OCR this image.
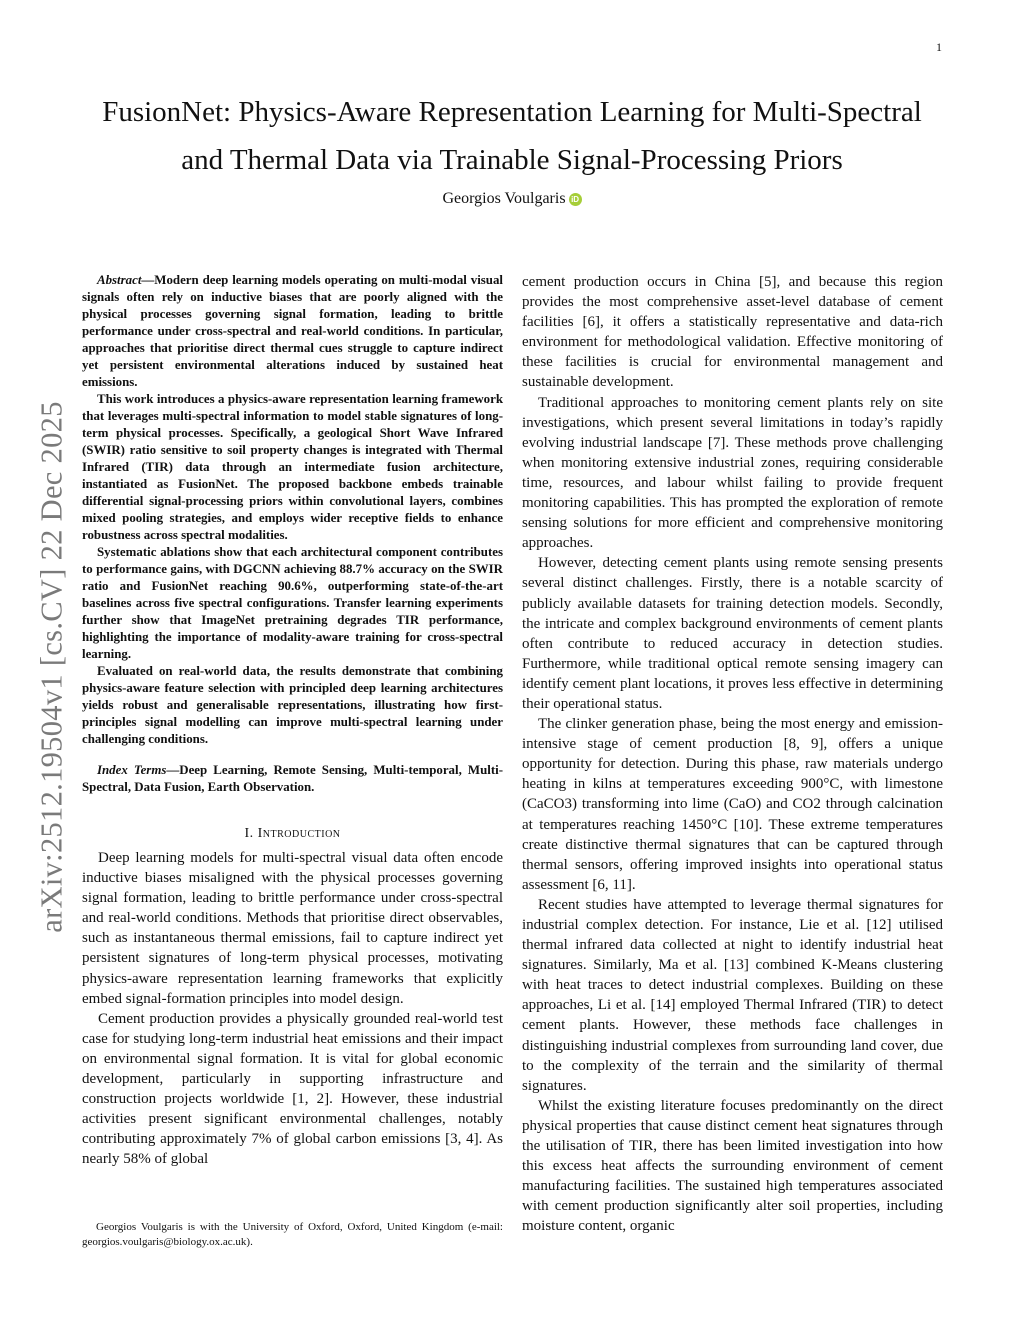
1
arXiv:2512.19504v1 [cs.CV] 22 Dec 2025
FusionNet: Physics-Aware Representation Learning for Multi-Spectral
and Thermal Data via Trainable Signal-Processing Priors
Georgios Voulgaris iD

Abstract—Modern deep learning models operating on multi-modal visual signals often rely on inductive biases that are poorly aligned with the physical processes governing signal formation, leading to brittle performance under cross-spectral and real-world conditions. In particular, approaches that prioritise direct thermal cues struggle to capture indirect yet persistent environmental alterations induced by sustained heat emissions.

This work introduces a physics-aware representation learning framework that leverages multi-spectral information to model stable signatures of long-term physical processes. Specifically, a geological Short Wave Infrared (SWIR) ratio sensitive to soil property changes is integrated with Thermal Infrared (TIR) data through an intermediate fusion architecture, instantiated as FusionNet. The proposed backbone embeds trainable differential signal-processing priors within convolutional layers, combines mixed pooling strategies, and employs wider receptive fields to enhance robustness across spectral modalities.

Systematic ablations show that each architectural component contributes to performance gains, with DGCNN achieving 88.7% accuracy on the SWIR ratio and FusionNet reaching 90.6%, outperforming state-of-the-art baselines across five spectral configurations. Transfer learning experiments further show that ImageNet pretraining degrades TIR performance, highlighting the importance of modality-aware training for cross-spectral learning.

Evaluated on real-world data, the results demonstrate that combining physics-aware feature selection with principled deep learning architectures yields robust and generalisable representations, illustrating how first-principles signal modelling can improve multi-spectral learning under challenging conditions.

Index Terms—Deep Learning, Remote Sensing, Multi-temporal, Multi-Spectral, Data Fusion, Earth Observation.

I. Introduction

Deep learning models for multi-spectral visual data often encode inductive biases misaligned with the physical processes governing signal formation, leading to brittle performance under cross-spectral and real-world conditions. Methods that prioritise direct observables, such as instantaneous thermal emissions, fail to capture indirect yet persistent signatures of long-term physical processes, motivating physics-aware representation learning frameworks that explicitly embed signal-formation principles into model design.

Cement production provides a physically grounded real-world test case for studying long-term industrial heat emissions and their impact on environmental signal formation. It is vital for global economic development, particularly in supporting infrastructure and construction projects worldwide [1, 2]. However, these industrial activities present significant environmental challenges, notably contributing approximately 7% of global carbon emissions [3, 4]. As nearly 58% of global

Georgios Voulgaris is with the University of Oxford, Oxford, United Kingdom (e-mail: georgios.voulgaris@biology.ox.ac.uk).

cement production occurs in China [5], and because this region provides the most comprehensive asset-level database of cement facilities [6], it offers a statistically representative and data-rich environment for methodological validation. Effective monitoring of these facilities is crucial for environmental management and sustainable development.

Traditional approaches to monitoring cement plants rely on site investigations, which present several limitations in today’s rapidly evolving industrial landscape [7]. These methods prove challenging when monitoring extensive industrial zones, requiring considerable time, resources, and labour whilst failing to provide frequent monitoring capabilities. This has prompted the exploration of remote sensing solutions for more efficient and comprehensive monitoring approaches.

However, detecting cement plants using remote sensing presents several distinct challenges. Firstly, there is a notable scarcity of publicly available datasets for training detection models. Secondly, the intricate and complex background environments of cement plants often contribute to reduced accuracy in detection studies. Furthermore, while traditional optical remote sensing imagery can identify cement plant locations, it proves less effective in determining their operational status.

The clinker generation phase, being the most energy and emission-intensive stage of cement production [8, 9], offers a unique opportunity for detection. During this phase, raw materials undergo heating in kilns at temperatures exceeding 900°C, with limestone (CaCO3) transforming into lime (CaO) and CO2 through calcination at temperatures reaching 1450°C [10]. These extreme temperatures create distinctive thermal signatures that can be captured through thermal sensors, offering improved insights into operational status assessment [6, 11].

Recent studies have attempted to leverage thermal signatures for industrial complex detection. For instance, Lie et al. [12] utilised thermal infrared data collected at night to identify industrial heat signatures. Similarly, Ma et al. [13] combined K-Means clustering with heat traces to detect industrial complexes. Building on these approaches, Li et al. [14] employed Thermal Infrared (TIR) to detect cement plants. However, these methods face challenges in distinguishing industrial complexes from surrounding land cover, due to the complexity of the terrain and the similarity of thermal signatures.

Whilst the existing literature focuses predominantly on the direct physical properties that cause distinct cement heat signatures through the utilisation of TIR, there has been limited investigation into how this excess heat affects the surrounding environment of cement manufacturing facilities. The sustained high temperatures associated with cement production significantly alter soil properties, including moisture content, organic
